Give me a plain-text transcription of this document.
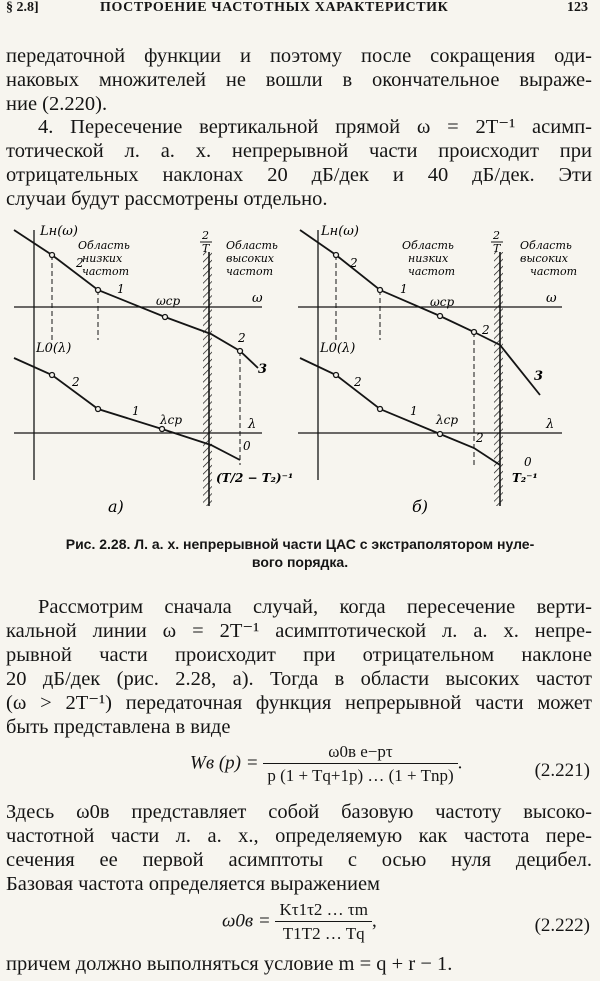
§ 2.8]	ПОСТРОЕНИЕ ЧАСТОТНЫХ ХАРАКТЕРИСТИК	123
передаточной функции и поэтому после сокращения оди-
наковых множителей не вошли в окончательное выраже-
ние (2.220).
4. Пересечение вертикальной прямой ω = 2T⁻¹ асимп-
тотической л. а. х. непрерывной части происходит при
отрицательных наклонах 20 дБ/дек и 40 дБ/дек. Эти
случаи будут рассмотрены отдельно.
Lн(ω)
L0(λ)
Область
низких
частот
Область
высоких
частот
2
T
2
1
ωср	ω
2
3
2
1
λср	λ
0
(T/2 − T₂)⁻¹
а)
Lн(ω)
L0(λ)
Область
низких
частот
Область
высоких
частот
2
T
2
1
ωср	ω
2
3
2
1
λср
2
λ
0
T₂⁻¹
б)
Рис. 2.28. Л. а. х. непрерывной части ЦАС с экстраполятором нуле-
вого порядка.
Рассмотрим сначала случай, когда пересечение верти-
кальной линии ω = 2T⁻¹ асимптотической л. а. х. непре-
рывной части происходит при отрицательном наклоне
20 дБ/дек (рис. 2.28, а). Тогда в области высоких частот
(ω > 2T⁻¹) передаточная функция непрерывной части может
быть представлена в виде
Wв $(p) = \frac{\text{ω0в e−pτ}}{\text{p (1 + Tq+1p) … (1 + Tnp)}}$ .	(2.221)
Здесь ω0в представляет собой базовую частоту высоко-
частотной части л. а. х., определяемую как частота пере-
сечения ее первой асимптоты с осью нуля децибел.
Базовая частота определяется выражением
$\omega 0в = \frac{K\tau 1\tau 2 \dots \tau m}{T1T2 \dots Tq}$ ,	(2.222)
причем должно выполняться условие m = q + r − 1.
